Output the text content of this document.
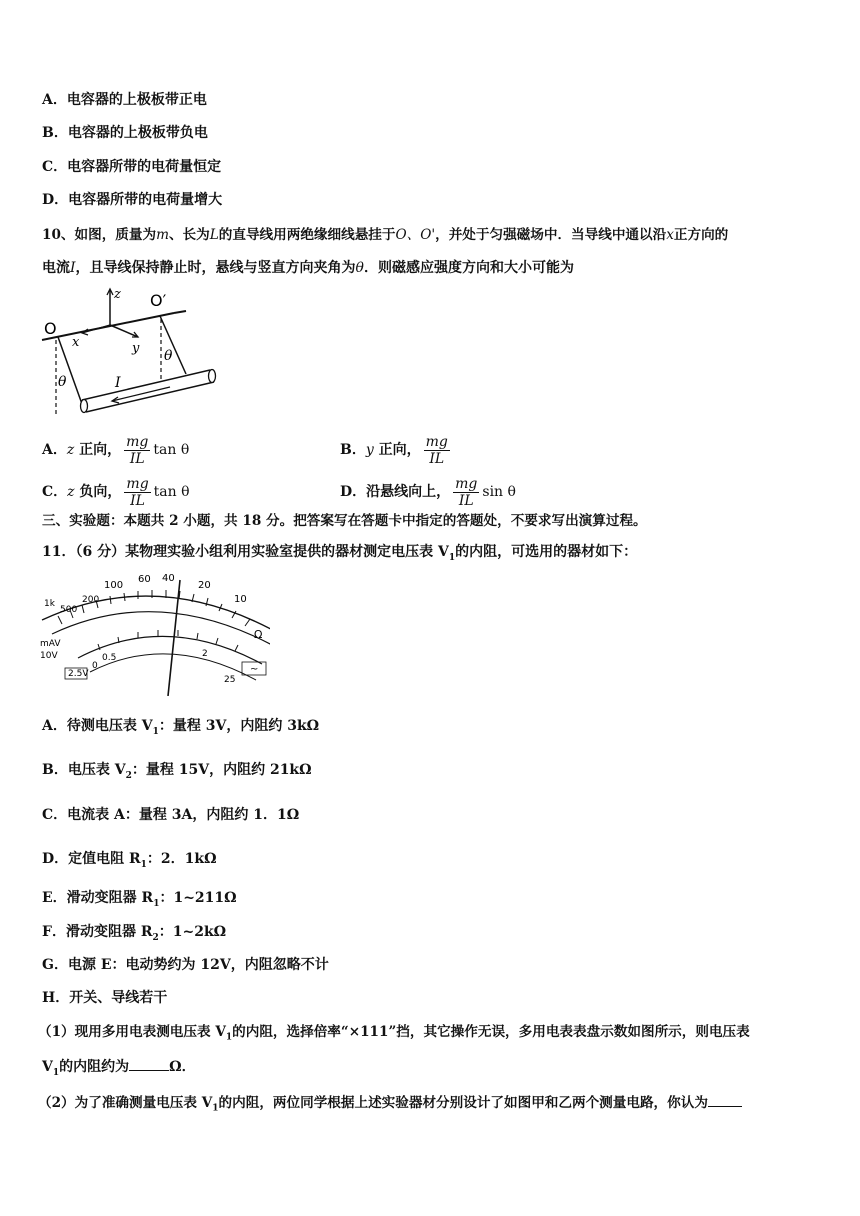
A．电容器的上极板带正电
B．电容器的上极板带负电
C．电容器所带的电荷量恒定
D．电容器所带的电荷量增大
10、如图，质量为m、长为L的直导线用两绝缘细线悬挂于O、O'，并处于匀强磁场中．当导线中通以沿x正方向的
电流I，且导线保持静止时，悬线与竖直方向夹角为θ．则磁感应强度方向和大小可能为
O
O′
z
x	y
θ
θ
I
A．z 正向， $\frac{mg}{IL}$ tan θ	B．y 正向， $\frac{mg}{IL}$
C．z 负向， $\frac{mg}{IL}$ tan θ	D．沿悬线向上， $\frac{mg}{IL}$ sin θ
三、实验题：本题共 2 小题，共 18 分。把答案写在答题卡中指定的答题处，不要求写出演算过程。
11．（6 分）某物理实验小组利用实验室提供的器材测定电压表 $V_1$的内阻，可选用的器材如下：
100
60 40
20
10
500
200
1k
mAV
10V
2.5V
Ω
0
0.5	2
25
~
A．待测电压表 $V_1$：量程 3V，内阻约 3kΩ
B．电压表 $V_2$：量程 15V，内阻约 21kΩ
C．电流表 A：量程 3A，内阻约 1．1Ω
D．定值电阻 $R_1$：2．1kΩ
E．滑动变阻器 $R_1$：1~211Ω
F．滑动变阻器 $R_2$：1~2kΩ
G．电源 E：电动势约为 12V，内阻忽略不计
H．开关、导线若干
（1）现用多用电表测电压表 $V_1$的内阻，选择倍率“×111”挡，其它操作无误，多用电表表盘示数如图所示，则电压表
$V_1$的内阻约为	Ω．
（2）为了准确测量电压表 $V_1$的内阻，两位同学根据上述实验器材分别设计了如图甲和乙两个测量电路，你认为
